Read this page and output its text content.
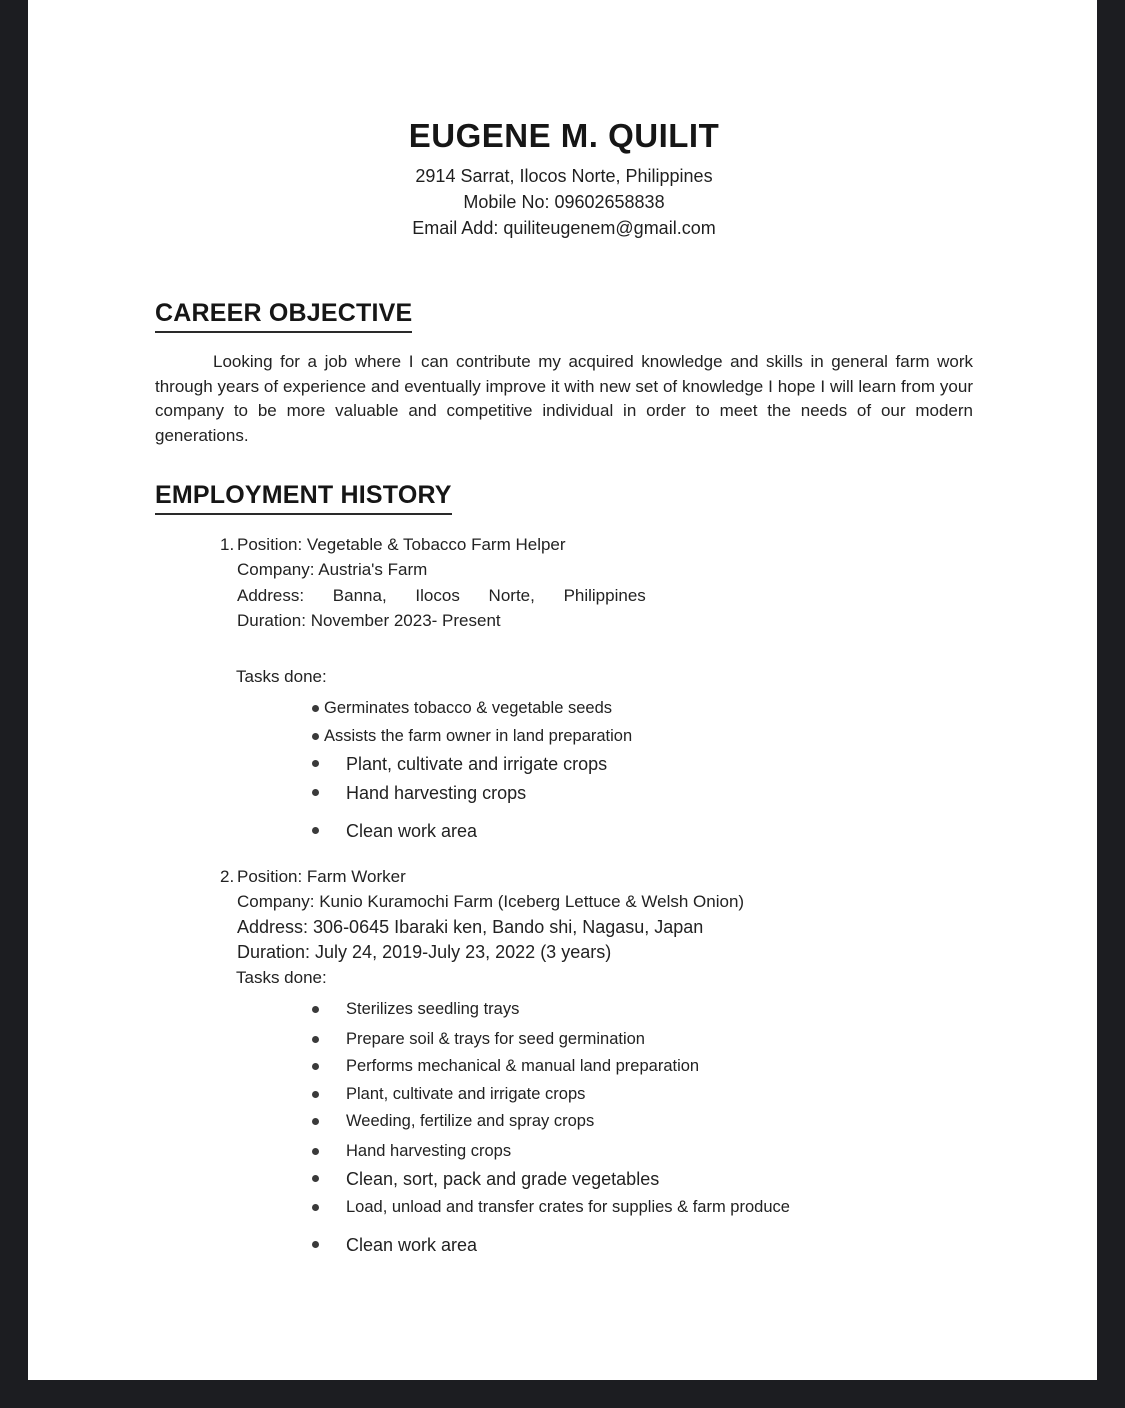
EUGENE M. QUILIT
2914 Sarrat, Ilocos Norte, Philippines
Mobile No: 09602658838
Email Add: quiliteugenem@gmail.com
CAREER OBJECTIVE

Looking for a job where I can contribute my acquired knowledge and skills in general farm work through years of experience and eventually improve it with new set of knowledge I hope I will learn from your company to be more valuable and competitive individual in order to meet the needs of our modern generations.

EMPLOYMENT HISTORY
1. Position: Vegetable & Tobacco Farm Helper
Company: Austria's Farm
Address: Banna, Ilocos Norte, Philippines
Duration: November 2023- Present
Tasks done:
Germinates tobacco & vegetable seeds
Assists the farm owner in land preparation
Plant, cultivate and irrigate crops
Hand harvesting crops
Clean work area
2. Position: Farm Worker
Company: Kunio Kuramochi Farm (Iceberg Lettuce & Welsh Onion)
Address: 306-0645 Ibaraki ken, Bando shi, Nagasu, Japan
Duration: July 24, 2019-July 23, 2022 (3 years)
Tasks done:
Sterilizes seedling trays
Prepare soil & trays for seed germination
Performs mechanical & manual land preparation
Plant, cultivate and irrigate crops
Weeding, fertilize and spray crops
Hand harvesting crops
Clean, sort, pack and grade vegetables
Load, unload and transfer crates for supplies & farm produce
Clean work area
